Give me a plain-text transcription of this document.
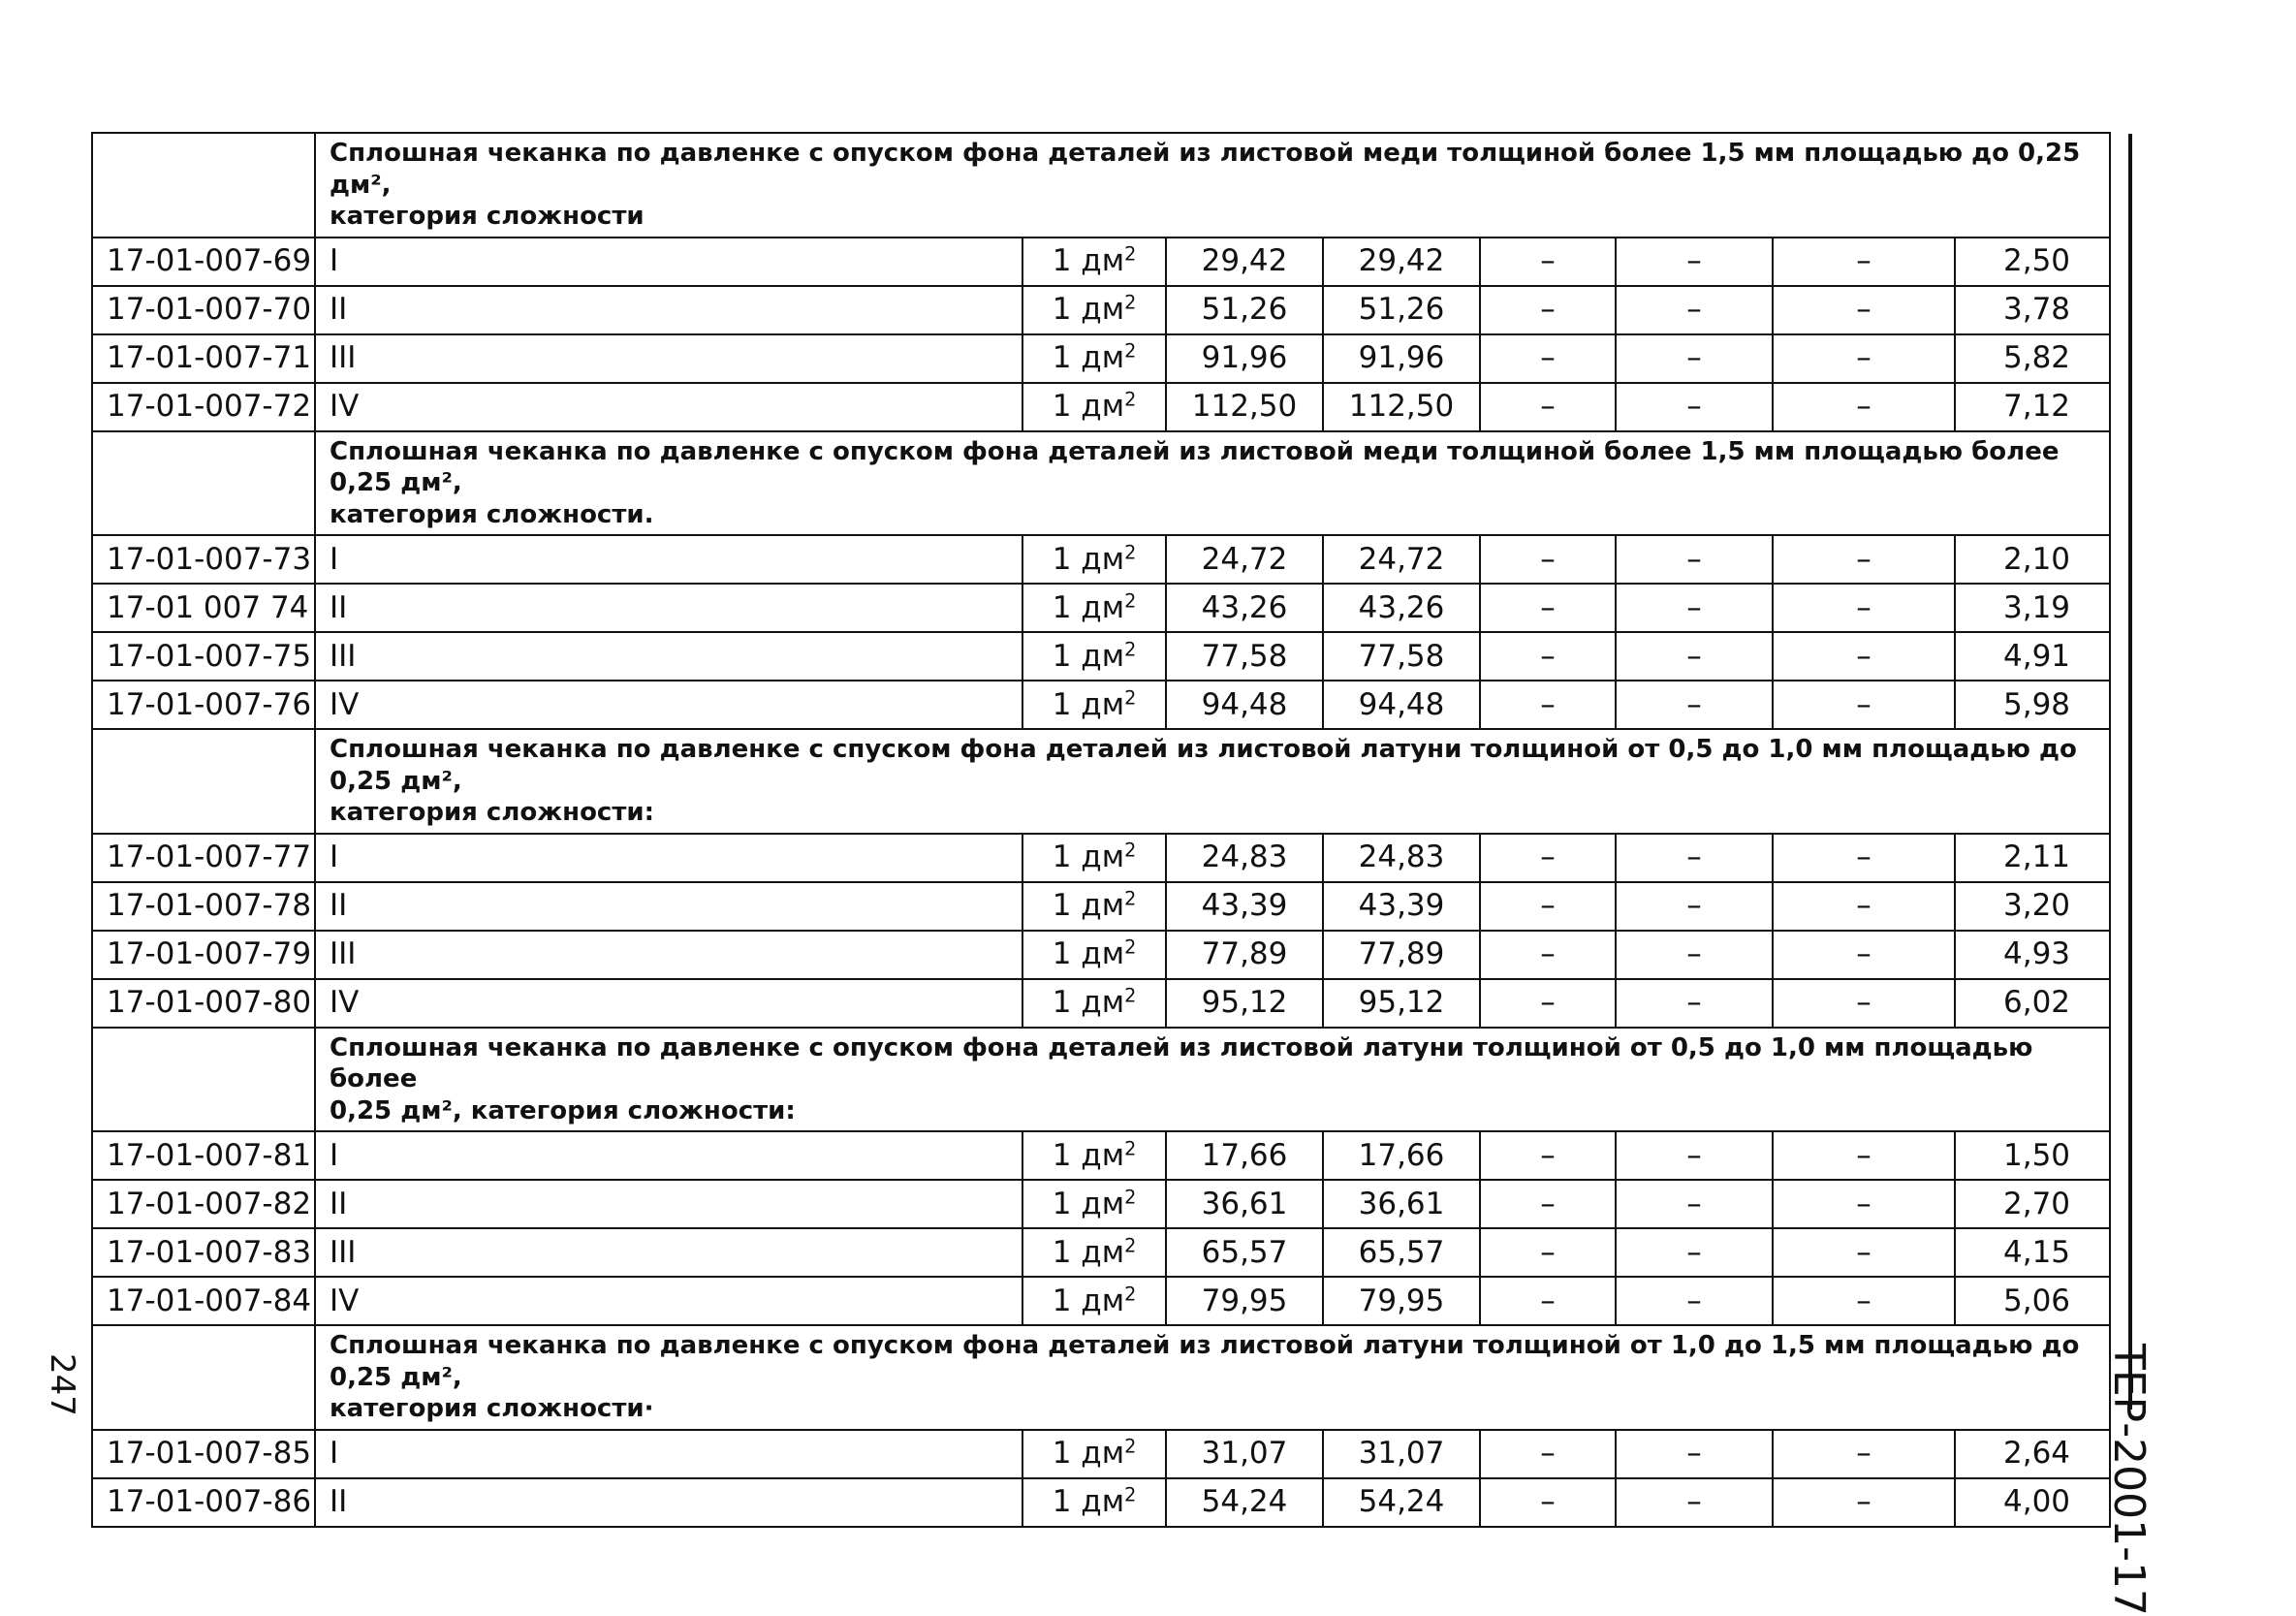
	Сплошная чеканка по давленке с опуском фона деталей из листовой меди толщиной более 1,5 мм площадью до 0,25 дм²,
категория сложности							

17-01-007-69	I	1 $дм^2$	29,42	29,42	–	–	–	2,50
17-01-007-70	II	1 $дм^2$	51,26	51,26	–	–	–	3,78
17-01-007-71	III	1 $дм^2$	91,96	91,96	–	–	–	5,82
17-01-007-72	IV	1 $дм^2$	112,50	112,50	–	–	–	7,12

	Сплошная чеканка по давленке с опуском фона деталей из листовой меди толщиной более 1,5 мм площадью более 0,25 дм²,
категория сложности.							

17-01-007-73	I	1 $дм^2$	24,72	24,72	–	–	–	2,10
17-01 007 74	II	1 $дм^2$	43,26	43,26	–	–	–	3,19
17-01-007-75	III	1 $дм^2$	77,58	77,58	–	–	–	4,91
17-01-007-76	IV	1 $дм^2$	94,48	94,48	–	–	–	5,98

	Сплошная чеканка по давленке с спуском фона деталей из листовой латуни толщиной от 0,5 до 1,0 мм площадью до 0,25 дм²,
категория сложности:							

17-01-007-77	I	1 $дм^2$	24,83	24,83	–	–	–	2,11
17-01-007-78	II	1 $дм^2$	43,39	43,39	–	–	–	3,20
17-01-007-79	III	1 $дм^2$	77,89	77,89	–	–	–	4,93
17-01-007-80	IV	1 $дм^2$	95,12	95,12	–	–	–	6,02

	Сплошная чеканка по давленке с опуском фона деталей из листовой латуни толщиной от 0,5 до 1,0 мм площадью более
0,25 дм², категория сложности:							

17-01-007-81	I	1 $дм^2$	17,66	17,66	–	–	–	1,50
17-01-007-82	II	1 $дм^2$	36,61	36,61	–	–	–	2,70
17-01-007-83	III	1 $дм^2$	65,57	65,57	–	–	–	4,15
17-01-007-84	IV	1 $дм^2$	79,95	79,95	–	–	–	5,06

	Сплошная чеканка по давленке с опуском фона деталей из листовой латуни толщиной от 1,0 до 1,5 мм площадью до 0,25 дм²,
категория сложности·							

17-01-007-85	I	1 $дм^2$	31,07	31,07	–	–	–	2,64
17-01-007-86	II	1 $дм^2$	54,24	54,24	–	–	–	4,00 ТЕР-2001-17
247
